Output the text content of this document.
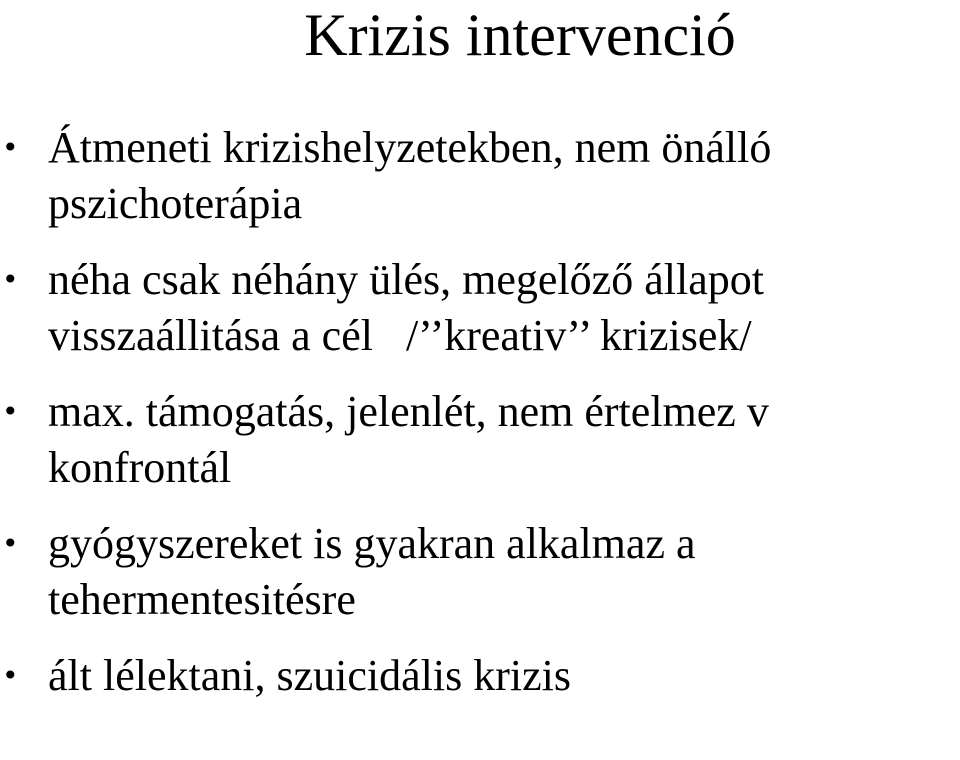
Krizis intervenció
• Átmeneti krizishelyzetekben, nem önálló
pszichoterápia
• néha csak néhány ülés, megelőző állapot
visszaállitása a cél   /’’kreativ’’ krizisek/
• max. támogatás, jelenlét, nem értelmez v
konfrontál
• gyógyszereket is gyakran alkalmaz a
tehermentesitésre
• ált lélektani, szuicidális krizis
